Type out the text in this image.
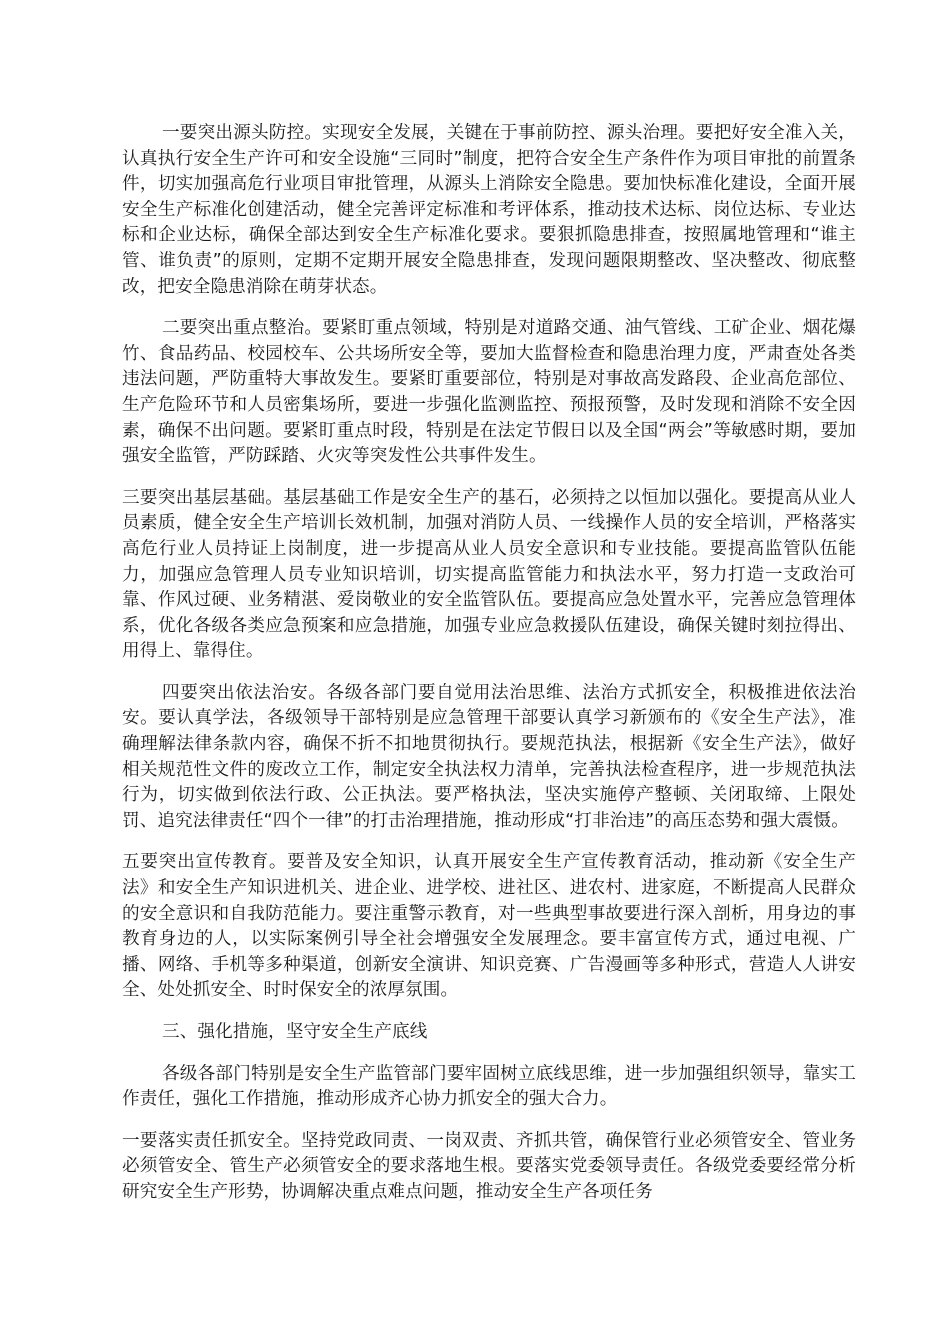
一要突出源头防控。实现安全发展，关键在于事前防控、源头治理。要把好安全准入关，认真执行安全生产许可和安全设施“三同时”制度，把符合安全生产条件作为项目审批的前置条件，切实加强高危行业项目审批管理，从源头上消除安全隐患。要加快标准化建设，全面开展安全生产标准化创建活动，健全完善评定标准和考评体系，推动技术达标、岗位达标、专业达标和企业达标，确保全部达到安全生产标准化要求。要狠抓隐患排查，按照属地管理和“谁主管、谁负责”的原则，定期不定期开展安全隐患排查，发现问题限期整改、坚决整改、彻底整改，把安全隐患消除在萌芽状态。

二要突出重点整治。要紧盯重点领域，特别是对道路交通、油气管线、工矿企业、烟花爆竹、食品药品、校园校车、公共场所安全等，要加大监督检查和隐患治理力度，严肃查处各类违法问题，严防重特大事故发生。要紧盯重要部位，特别是对事故高发路段、企业高危部位、生产危险环节和人员密集场所，要进一步强化监测监控、预报预警，及时发现和消除不安全因素，确保不出问题。要紧盯重点时段，特别是在法定节假日以及全国“两会”等敏感时期，要加强安全监管，严防踩踏、火灾等突发性公共事件发生。

三要突出基层基础。基层基础工作是安全生产的基石，必须持之以恒加以强化。要提高从业人员素质，健全安全生产培训长效机制，加强对消防人员、一线操作人员的安全培训，严格落实高危行业人员持证上岗制度，进一步提高从业人员安全意识和专业技能。要提高监管队伍能力，加强应急管理人员专业知识培训，切实提高监管能力和执法水平，努力打造一支政治可靠、作风过硬、业务精湛、爱岗敬业的安全监管队伍。要提高应急处置水平，完善应急管理体系，优化各级各类应急预案和应急措施，加强专业应急救援队伍建设，确保关键时刻拉得出、用得上、靠得住。

四要突出依法治安。各级各部门要自觉用法治思维、法治方式抓安全，积极推进依法治安。要认真学法，各级领导干部特别是应急管理干部要认真学习新颁布的《安全生产法》，准确理解法律条款内容，确保不折不扣地贯彻执行。要规范执法，根据新《安全生产法》，做好相关规范性文件的废改立工作，制定安全执法权力清单，完善执法检查程序，进一步规范执法行为，切实做到依法行政、公正执法。要严格执法，坚决实施停产整顿、关闭取缔、上限处罚、追究法律责任“四个一律”的打击治理措施，推动形成“打非治违”的高压态势和强大震慑。

五要突出宣传教育。要普及安全知识，认真开展安全生产宣传教育活动，推动新《安全生产法》和安全生产知识进机关、进企业、进学校、进社区、进农村、进家庭，不断提高人民群众的安全意识和自我防范能力。要注重警示教育，对一些典型事故要进行深入剖析，用身边的事教育身边的人，以实际案例引导全社会增强安全发展理念。要丰富宣传方式，通过电视、广播、网络、手机等多种渠道，创新安全演讲、知识竞赛、广告漫画等多种形式，营造人人讲安全、处处抓安全、时时保安全的浓厚氛围。

三、强化措施，坚守安全生产底线

各级各部门特别是安全生产监管部门要牢固树立底线思维，进一步加强组织领导，靠实工作责任，强化工作措施，推动形成齐心协力抓安全的强大合力。

一要落实责任抓安全。坚持党政同责、一岗双责、齐抓共管，确保管行业必须管安全、管业务必须管安全、管生产必须管安全的要求落地生根。要落实党委领导责任。各级党委要经常分析研究安全生产形势，协调解决重点难点问题，推动安全生产各项任务
